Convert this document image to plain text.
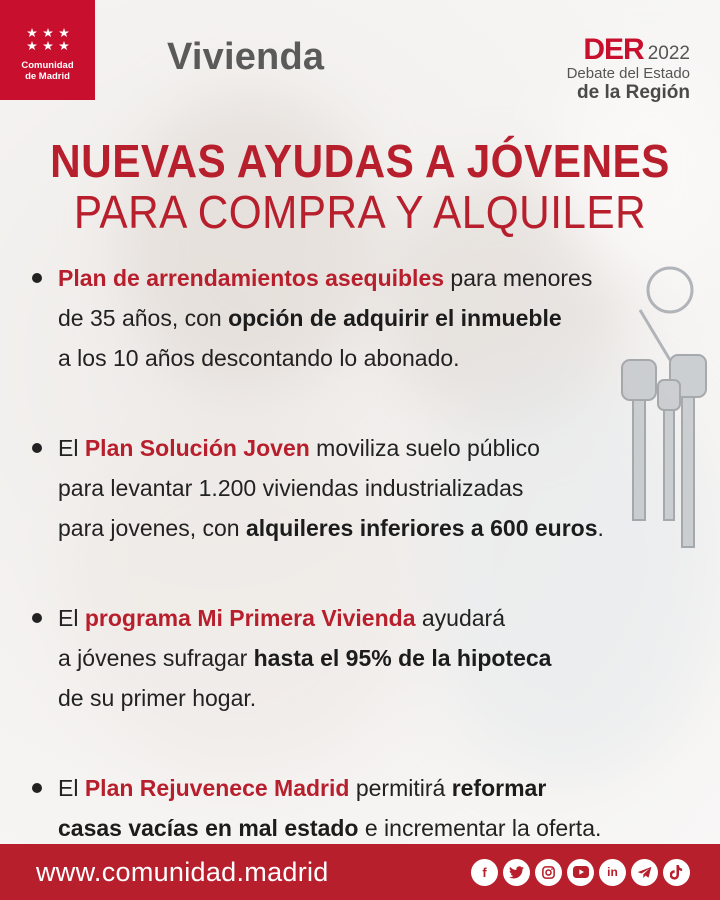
Comunidad
de Madrid	Vivienda	DER 2022
Debate del Estado
de la Región
NUEVAS AYUDAS A JÓVENES
PARA COMPRA Y ALQUILER
Plan de arrendamientos asequibles para menores
de 35 años, con opción de adquirir el inmueble
a los 10 años descontando lo abonado.
El Plan Solución Joven moviliza suelo público
para levantar 1.200 viviendas industrializadas
para jovenes, con alquileres inferiores a 600 euros.
El programa Mi Primera Vivienda ayudará
a jóvenes sufragar hasta el 95% de la hipoteca
de su primer hogar.
El Plan Rejuvenece Madrid permitirá reformar
casas vacías en mal estado e incrementar la oferta.
www.comunidad.madrid	f	in
